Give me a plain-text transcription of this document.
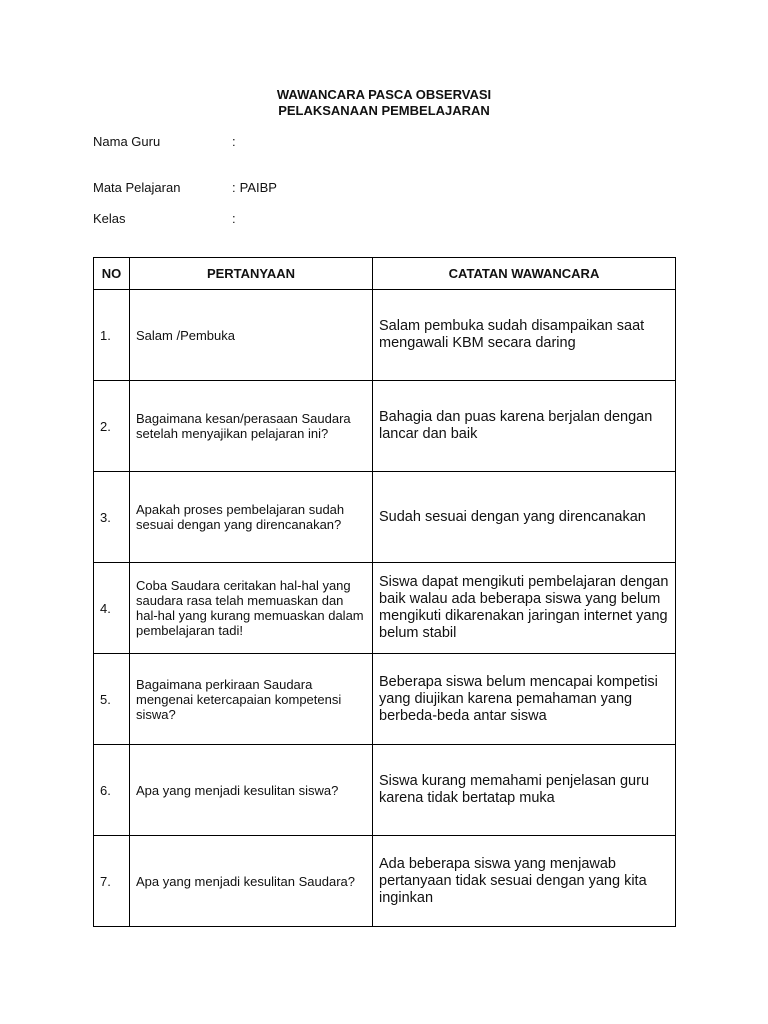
WAWANCARA PASCA OBSERVASI
PELAKSANAAN PEMBELAJARAN
Nama Guru	:
Mata Pelajaran	: PAIBP
Kelas	:
NO	PERTANYAAN	CATATAN WAWANCARA
1.	Salam /Pembuka	Salam pembuka sudah disampaikan saat mengawali KBM secara daring
2.	Bagaimana kesan/perasaan Saudara setelah menyajikan pelajaran ini?	Bahagia dan puas karena berjalan dengan lancar dan baik
3.	Apakah proses pembelajaran sudah sesuai dengan yang direncanakan?	Sudah sesuai dengan yang direncanakan
4.	Coba Saudara ceritakan hal-hal yang saudara rasa telah memuaskan dan hal-hal yang kurang memuaskan dalam pembelajaran tadi!	Siswa dapat mengikuti pembelajaran dengan baik walau ada beberapa siswa yang belum mengikuti dikarenakan jaringan internet yang belum stabil
5.	Bagaimana perkiraan Saudara mengenai ketercapaian kompetensi siswa?	Beberapa siswa belum mencapai kompetisi yang diujikan karena pemahaman yang berbeda-beda antar siswa
6.	Apa yang menjadi kesulitan siswa?	Siswa kurang memahami penjelasan guru karena tidak bertatap muka
7.	Apa yang menjadi kesulitan Saudara?	Ada beberapa siswa yang menjawab pertanyaan tidak sesuai dengan yang kita inginkan
